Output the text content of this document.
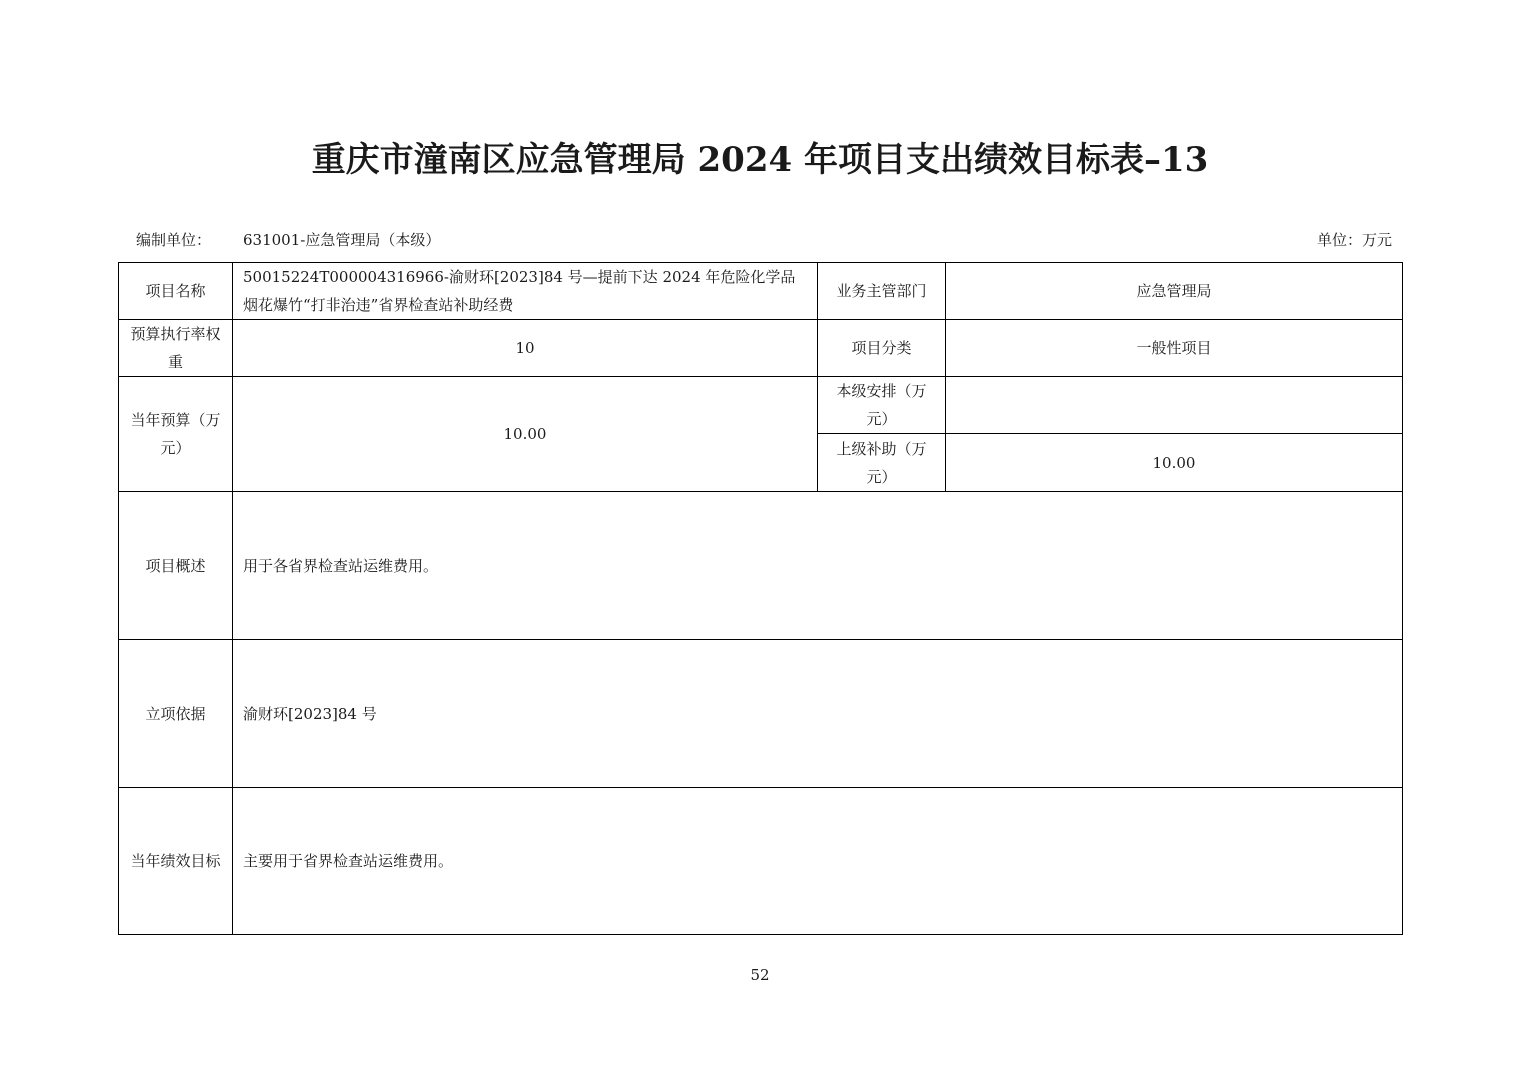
重庆市潼南区应急管理局 2024 年项目支出绩效目标表–13
编制单位： 631001-应急管理局（本级）	单位：万元
项目名称	50015224T000004316966-渝财环[2023]84 号—提前下达 2024 年危险化学品烟花爆竹“打非治违”省界检查站补助经费	业务主管部门	应急管理局
预算执行率权重	10	项目分类	一般性项目
当年预算（万元）	10.00	本级安排（万元）	
		上级补助（万元）	10.00
项目概述	用于各省界检查站运维费用。		
立项依据	渝财环[2023]84 号		
当年绩效目标	主要用于省界检查站运维费用。		
52
